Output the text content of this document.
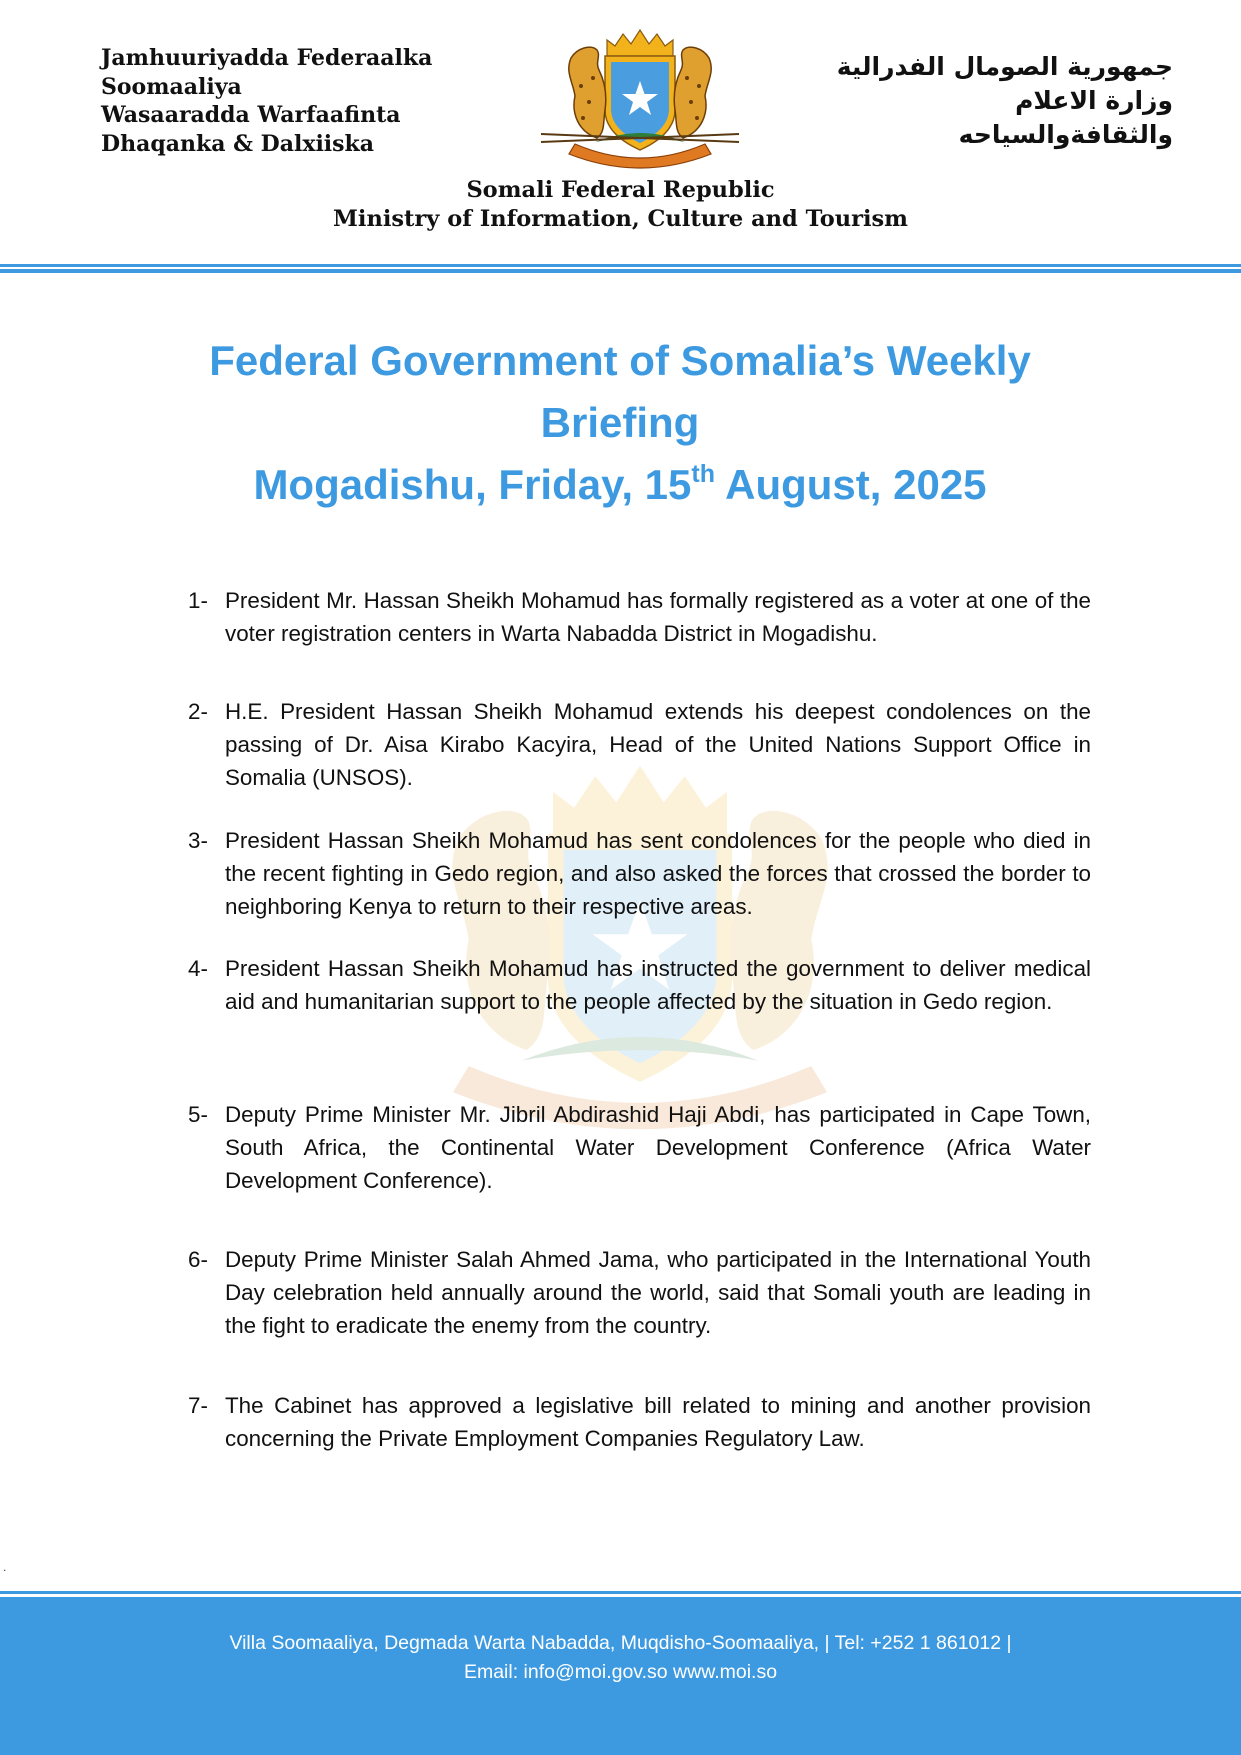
Jamhuuriyadda Federaalka
Soomaaliya
Wasaaradda Warfaafinta
Dhaqanka & Dalxiiska
جمهورية الصومال الفدرالية
وزارة الاعلام
والثقافةوالسياحه
Somali Federal Republic
Ministry of Information, Culture and Tourism
Federal Government of Somalia’s Weekly
Briefing
Mogadishu, Friday, 15th August, 2025
1- President Mr. Hassan Sheikh Mohamud has formally registered as a voter at one of the voter registration centers in Warta Nabadda District in Mogadishu.
2- H.E. President Hassan Sheikh Mohamud extends his deepest condolences on the passing of Dr. Aisa Kirabo Kacyira, Head of the United Nations Support Office in Somalia (UNSOS).
3- President Hassan Sheikh Mohamud has sent condolences for the people who died in the recent fighting in Gedo region, and also asked the forces that crossed the border to neighboring Kenya to return to their respective areas.
4- President Hassan Sheikh Mohamud has instructed the government to deliver medical aid and humanitarian support to the people affected by the situation in Gedo region.
5- Deputy Prime Minister Mr. Jibril Abdirashid Haji Abdi, has participated in Cape Town, South Africa, the Continental Water Development Conference (Africa Water Development Conference).
6- Deputy Prime Minister Salah Ahmed Jama, who participated in the International Youth Day celebration held annually around the world, said that Somali youth are leading in the fight to eradicate the enemy from the country.
7- The Cabinet has approved a legislative bill related to mining and another provision concerning the Private Employment Companies Regulatory Law.
.
Villa Soomaaliya, Degmada Warta Nabadda, Muqdisho-Soomaaliya, | Tel: +252 1 861012 |
Email: info@moi.gov.so www.moi.so
